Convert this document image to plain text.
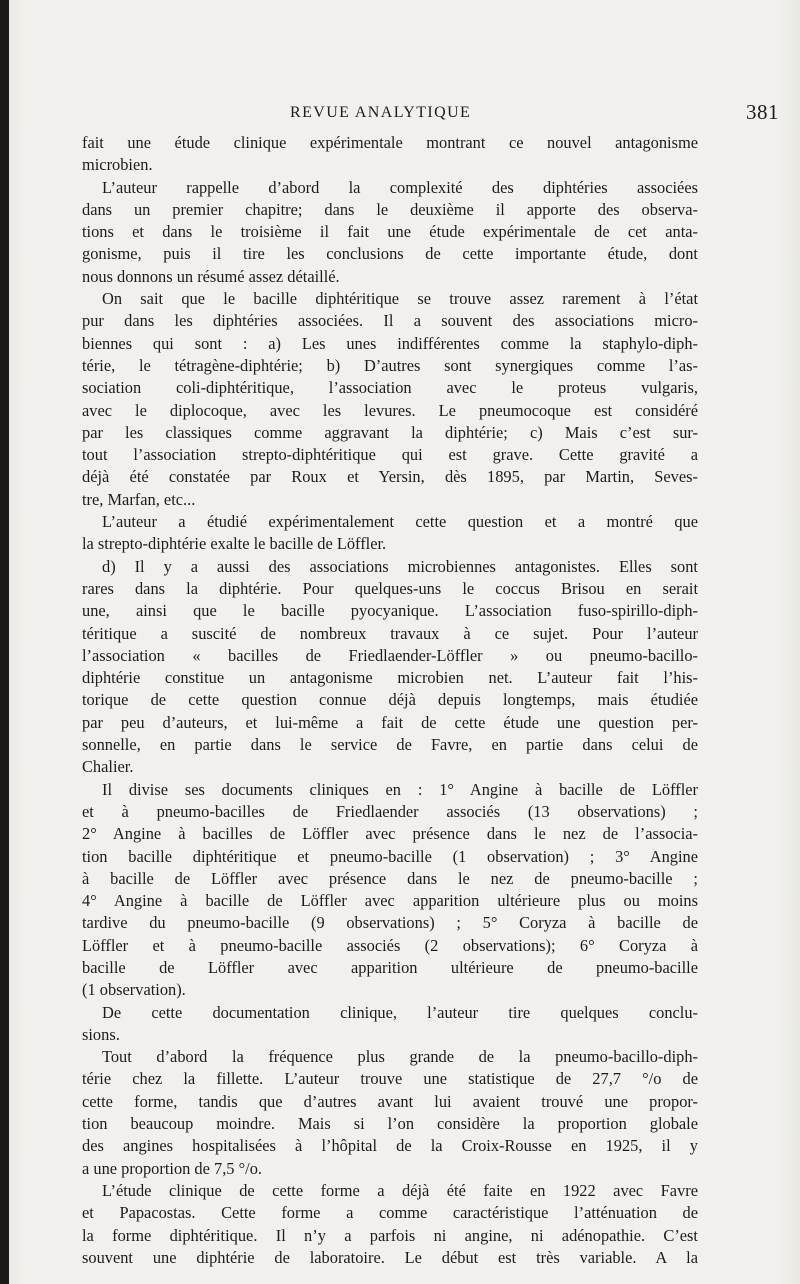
REVUE ANALYTIQUE	381
fait une étude clinique expérimentale montrant ce nouvel antagonisme
microbien.
L’auteur rappelle d’abord la complexité des diphtéries associées
dans un premier chapitre; dans le deuxième il apporte des observa-
tions et dans le troisième il fait une étude expérimentale de cet anta-
gonisme, puis il tire les conclusions de cette importante étude, dont
nous donnons un résumé assez détaillé.
On sait que le bacille diphtéritique se trouve assez rarement à l’état
pur dans les diphtéries associées. Il a souvent des associations micro-
biennes qui sont : a) Les unes indifférentes comme la staphylo-diph-
térie, le tétragène-diphtérie; b) D’autres sont synergiques comme l’as-
sociation coli-diphtéritique, l’association avec le proteus vulgaris,
avec le diplocoque, avec les levures. Le pneumocoque est considéré
par les classiques comme aggravant la diphtérie; c) Mais c’est sur-
tout l’association strepto-diphtéritique qui est grave. Cette gravité a
déjà été constatée par Roux et Yersin, dès 1895, par Martin, Seves-
tre, Marfan, etc...
L’auteur a étudié expérimentalement cette question et a montré que
la strepto-diphtérie exalte le bacille de Löffler.
d) Il y a aussi des associations microbiennes antagonistes. Elles sont
rares dans la diphtérie. Pour quelques-uns le coccus Brisou en serait
une, ainsi que le bacille pyocyanique. L’association fuso-spirillo-diph-
téritique a suscité de nombreux travaux à ce sujet. Pour l’auteur
l’association « bacilles de Friedlaender-Löffler » ou pneumo-bacillo-
diphtérie constitue un antagonisme microbien net. L’auteur fait l’his-
torique de cette question connue déjà depuis longtemps, mais étudiée
par peu d’auteurs, et lui-même a fait de cette étude une question per-
sonnelle, en partie dans le service de Favre, en partie dans celui de
Chalier.
Il divise ses documents cliniques en : 1° Angine à bacille de Löffler
et à pneumo-bacilles de Friedlaender associés (13 observations) ;
2° Angine à bacilles de Löffler avec présence dans le nez de l’associa-
tion bacille diphtéritique et pneumo-bacille (1 observation) ; 3° Angine
à bacille de Löffler avec présence dans le nez de pneumo-bacille ;
4° Angine à bacille de Löffler avec apparition ultérieure plus ou moins
tardive du pneumo-bacille (9 observations) ; 5° Coryza à bacille de
Löffler et à pneumo-bacille associés (2 observations); 6° Coryza à
bacille de Löffler avec apparition ultérieure de pneumo-bacille
(1 observation).
De cette documentation clinique, l’auteur tire quelques conclu-
sions.
Tout d’abord la fréquence plus grande de la pneumo-bacillo-diph-
térie chez la fillette. L’auteur trouve une statistique de 27,7 °/o de
cette forme, tandis que d’autres avant lui avaient trouvé une propor-
tion beaucoup moindre. Mais si l’on considère la proportion globale
des angines hospitalisées à l’hôpital de la Croix-Rousse en 1925, il y
a une proportion de 7,5 °/o.
L’étude clinique de cette forme a déjà été faite en 1922 avec Favre
et Papacostas. Cette forme a comme caractéristique l’atténuation de
la forme diphtéritique. Il n’y a parfois ni angine, ni adénopathie. C’est
souvent une diphtérie de laboratoire. Le début est très variable. A la
